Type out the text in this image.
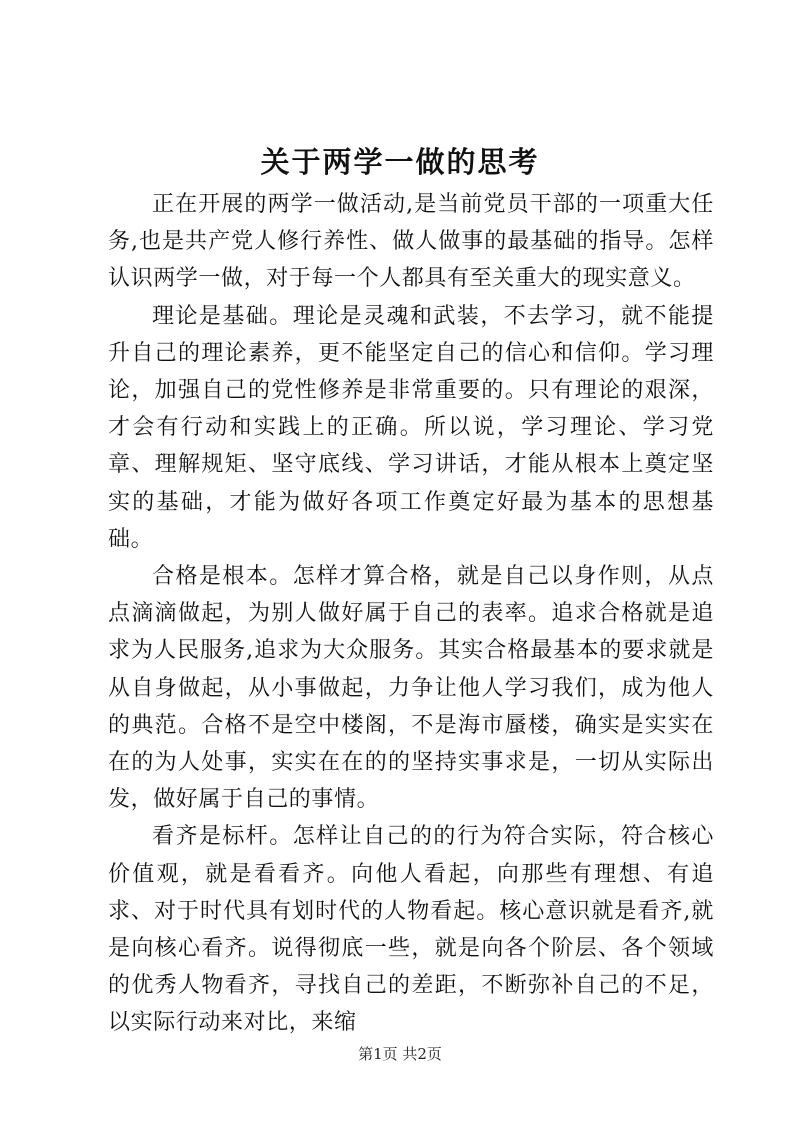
关于两学一做的思考

正在开展的两学一做活动,是当前党员干部的一项重大任务,也是共产党人修行养性、做人做事的最基础的指导。怎样认识两学一做，对于每一个人都具有至关重大的现实意义。

理论是基础。理论是灵魂和武装，不去学习，就不能提升自己的理论素养，更不能坚定自己的信心和信仰。学习理论，加强自己的党性修养是非常重要的。只有理论的艰深，才会有行动和实践上的正确。所以说，学习理论、学习党章、理解规矩、坚守底线、学习讲话，才能从根本上奠定坚实的基础，才能为做好各项工作奠定好最为基本的思想基础。

合格是根本。怎样才算合格，就是自己以身作则，从点点滴滴做起，为别人做好属于自己的表率。追求合格就是追求为人民服务,追求为大众服务。其实合格最基本的要求就是从自身做起，从小事做起，力争让他人学习我们，成为他人的典范。合格不是空中楼阁，不是海市蜃楼，确实是实实在在的为人处事，实实在在的的坚持实事求是，一切从实际出发，做好属于自己的事情。

看齐是标杆。怎样让自己的的行为符合实际，符合核心价值观，就是看看齐。向他人看起，向那些有理想、有追求、对于时代具有划时代的人物看起。核心意识就是看齐,就是向核心看齐。说得彻底一些，就是向各个阶层、各个领域的优秀人物看齐，寻找自己的差距，不断弥补自己的不足，以实际行动来对比，来缩

第1页 共2页
